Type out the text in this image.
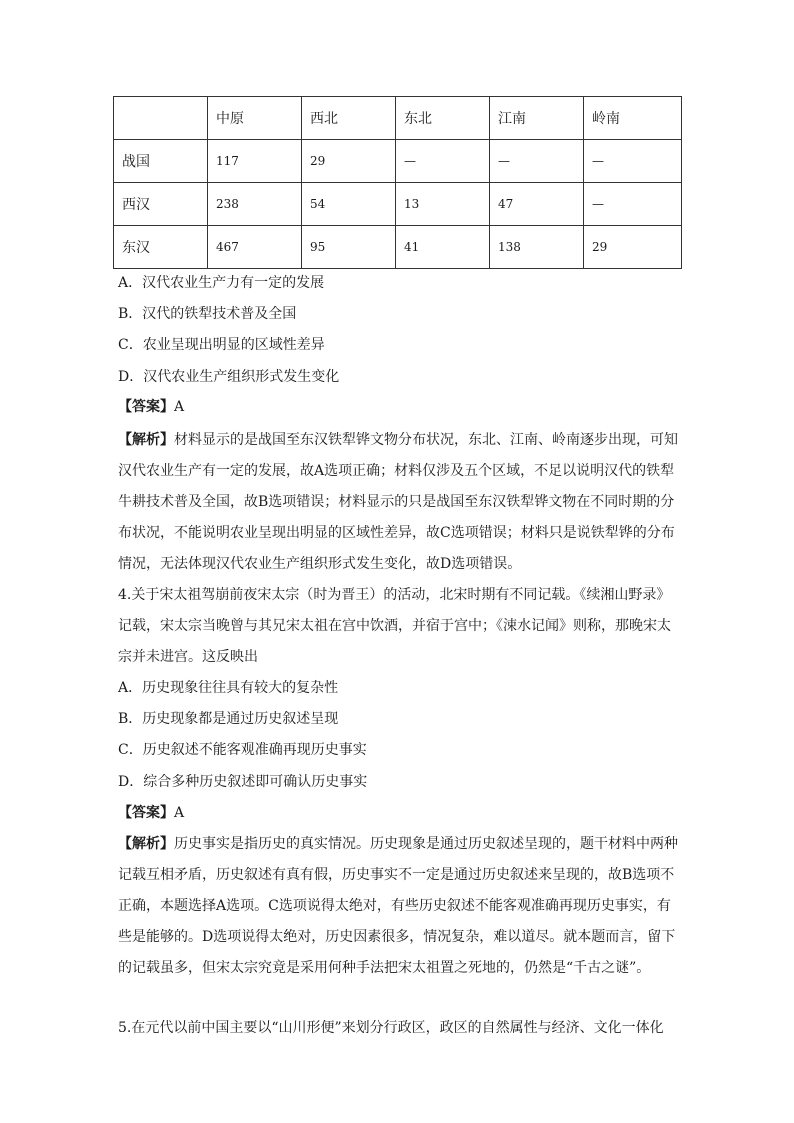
	中原	西北	东北	江南	岭南
战国	117	29	—	—	—
西汉	238	54	13	47	—
东汉	467	95	41	138	29
A．汉代农业生产力有一定的发展
B．汉代的铁犁技术普及全国
C．农业呈现出明显的区域性差异
D．汉代农业生产组织形式发生变化
【答案】A
【解析】材料显示的是战国至东汉铁犁铧文物分布状况，东北、江南、岭南逐步出现，可知
汉代农业生产有一定的发展，故A选项正确；材料仅涉及五个区域，不足以说明汉代的铁犁
牛耕技术普及全国，故B选项错误；材料显示的只是战国至东汉铁犁铧文物在不同时期的分
布状况，不能说明农业呈现出明显的区域性差异，故C选项错误；材料只是说铁犁铧的分布
情况，无法体现汉代农业生产组织形式发生变化，故D选项错误。
4.关于宋太祖驾崩前夜宋太宗（时为晋王）的活动，北宋时期有不同记载。《续湘山野录》
记载，宋太宗当晚曾与其兄宋太祖在宫中饮酒，并宿于宫中；《涑水记闻》则称，那晚宋太
宗并未进宫。这反映出
A．历史现象往往具有较大的复杂性
B．历史现象都是通过历史叙述呈现
C．历史叙述不能客观准确再现历史事实
D．综合多种历史叙述即可确认历史事实
【答案】A
【解析】历史事实是指历史的真实情况。历史现象是通过历史叙述呈现的，题干材料中两种
记载互相矛盾，历史叙述有真有假，历史事实不一定是通过历史叙述来呈现的，故B选项不
正确，本题选择A选项。C选项说得太绝对，有些历史叙述不能客观准确再现历史事实，有
些是能够的。D选项说得太绝对，历史因素很多，情况复杂，难以道尽。就本题而言，留下
的记载虽多，但宋太宗究竟是采用何种手法把宋太祖置之死地的，仍然是“千古之谜”。
5.在元代以前中国主要以“山川形便”来划分行政区，政区的自然属性与经济、文化一体化
